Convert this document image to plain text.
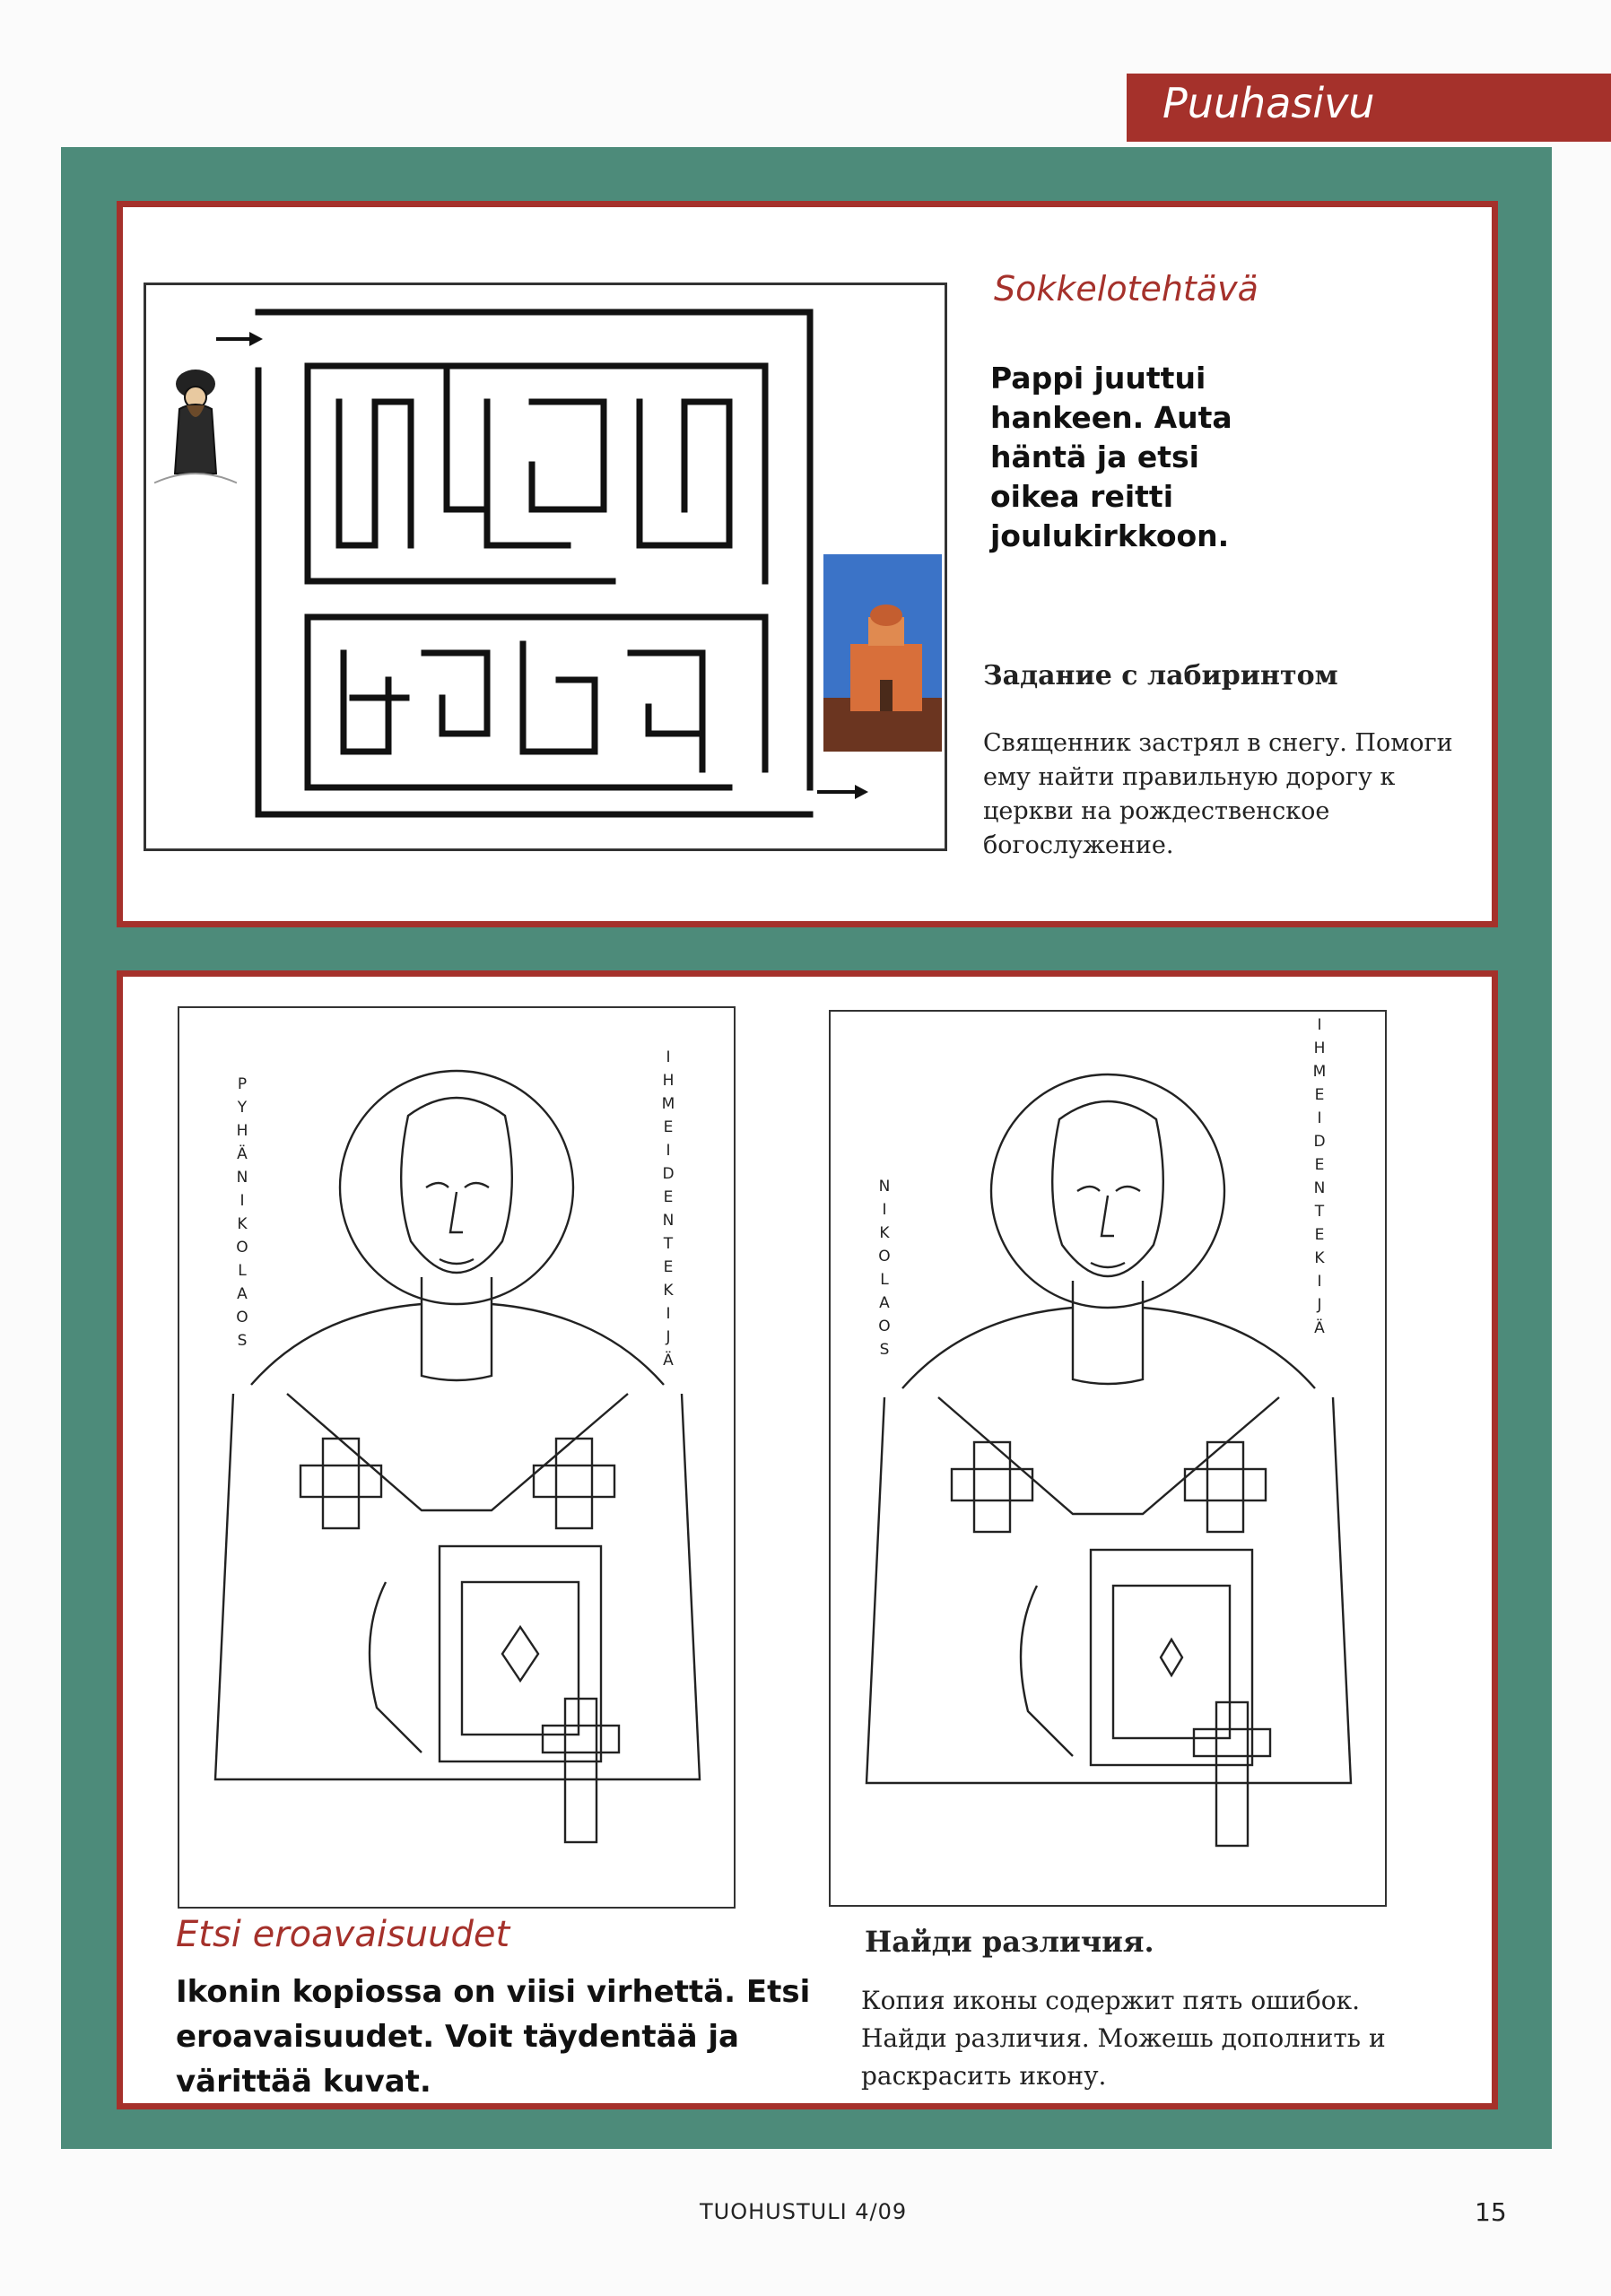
Puuhasivu
Sokkelotehtävä
Pappi juuttui hankeen. Auta häntä ja etsi oikea reitti joulukirkkoon.
Задание с лабиринтом
Священник застрял в снегу. Помоги ему найти правильную дорогу к церкви на рождественское богослужение.
P
Y
H
Ä
N
I
K
O
L
A
O
S
I
H
M
E
I
D
E
N
T
E
K
I
J
Ä
N
I
K
O
L
A
O
S
I
H
M
E
I
D
E
N
T
E
K
I
J
Ä
Etsi eroavaisuudet
Ikonin kopiossa on viisi virhettä. Etsi eroavaisuudet. Voit täydentää ja värittää kuvat.
Найди различия.
Копия иконы содержит пять ошибок. Найди различия. Можешь дополнить и раскрасить икону.
TUOHUSTULI 4/09	15
